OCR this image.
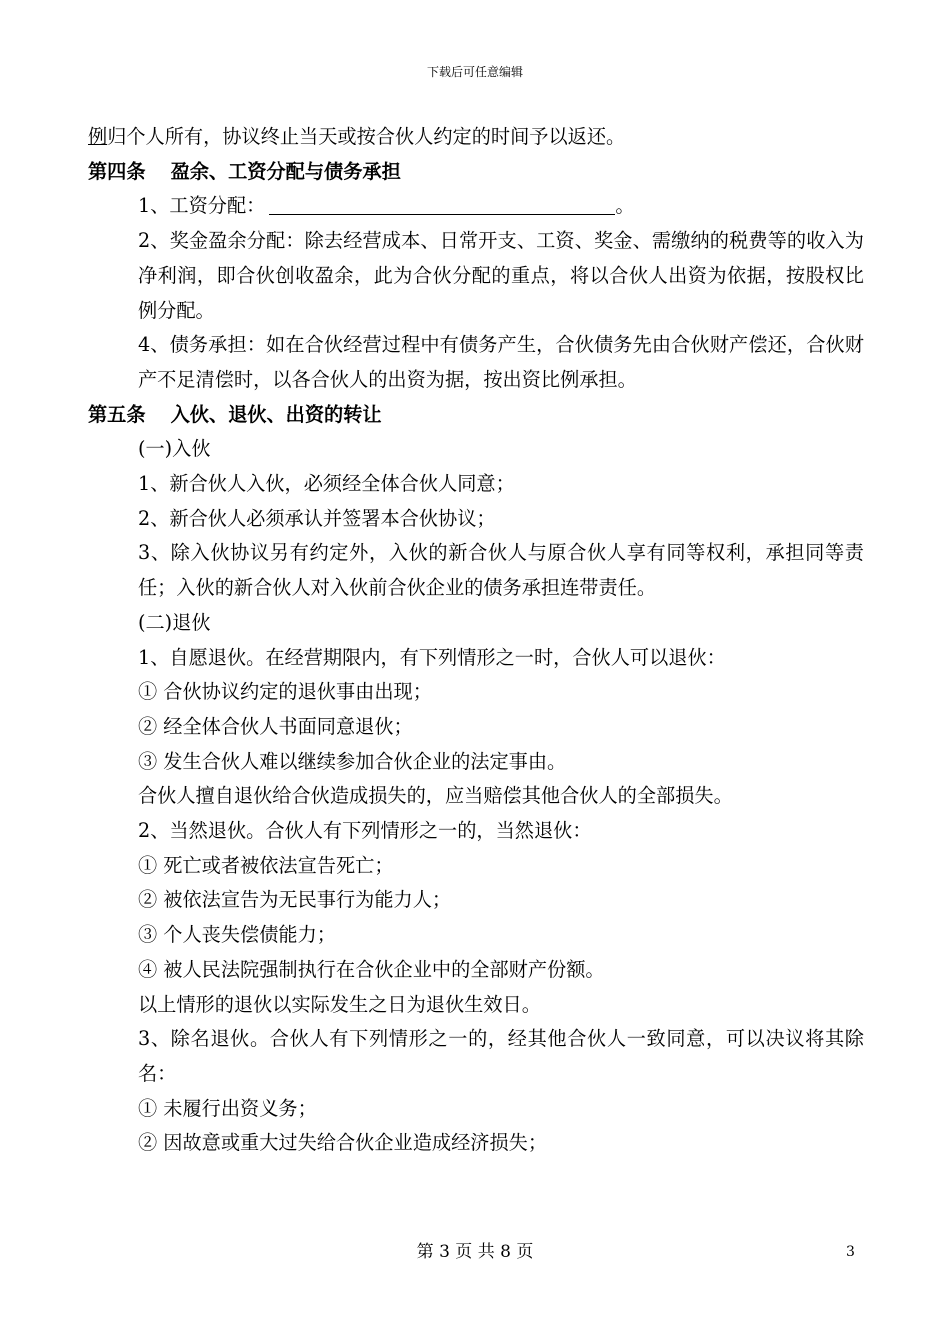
下载后可任意编辑

例归个人所有，协议终止当天或按合伙人约定的时间予以返还。

第四条 盈余、工资分配与债务承担

1、工资分配：	。

2、奖金盈余分配：除去经营成本、日常开支、工资、奖金、需缴纳的税费等的收入为净利润，即合伙创收盈余，此为合伙分配的重点，将以合伙人出资为依据，按股权比例分配。

4、债务承担：如在合伙经营过程中有债务产生，合伙债务先由合伙财产偿还，合伙财产不足清偿时，以各合伙人的出资为据，按出资比例承担。

第五条 入伙、退伙、出资的转让

(一)入伙

1、新合伙人入伙，必须经全体合伙人同意；

2、新合伙人必须承认并签署本合伙协议；

3、除入伙协议另有约定外，入伙的新合伙人与原合伙人享有同等权利，承担同等责任；入伙的新合伙人对入伙前合伙企业的债务承担连带责任。

(二)退伙

1、自愿退伙。在经营期限内，有下列情形之一时，合伙人可以退伙：

① 合伙协议约定的退伙事由出现；

② 经全体合伙人书面同意退伙；

③ 发生合伙人难以继续参加合伙企业的法定事由。

合伙人擅自退伙给合伙造成损失的，应当赔偿其他合伙人的全部损失。

2、当然退伙。合伙人有下列情形之一的，当然退伙：

① 死亡或者被依法宣告死亡；

② 被依法宣告为无民事行为能力人；

③ 个人丧失偿债能力；

④ 被人民法院强制执行在合伙企业中的全部财产份额。

以上情形的退伙以实际发生之日为退伙生效日。

3、除名退伙。合伙人有下列情形之一的，经其他合伙人一致同意，可以决议将其除名：

① 未履行出资义务；

② 因故意或重大过失给合伙企业造成经济损失；

第 3 页 共 8 页	3
